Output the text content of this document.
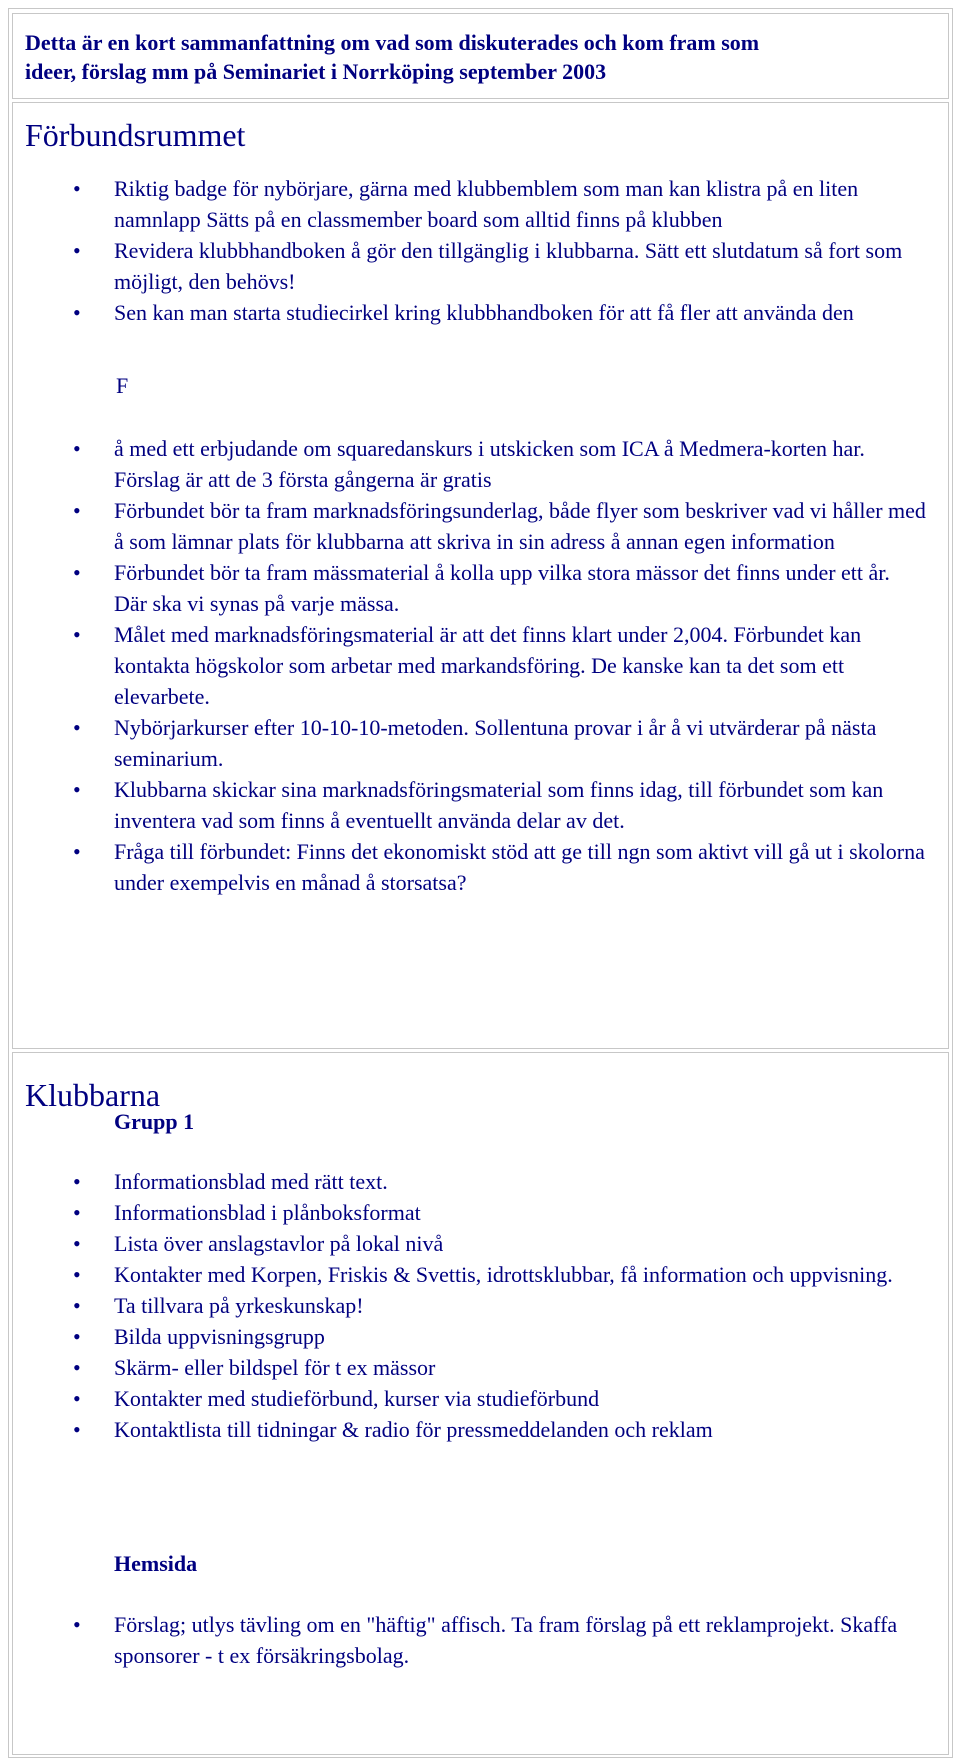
Detta är en kort sammanfattning om vad som diskuterades och kom fram som
ideer, förslag mm på Seminariet i Norrköping september 2003
Förbundsrummet
• Riktig badge för nybörjare, gärna med klubbemblem som man kan klistra på en liten namnlapp Sätts på en classmember board som alltid finns på klubben
• Revidera klubbhandboken å gör den tillgänglig i klubbarna. Sätt ett slutdatum så fort som möjligt, den behövs!
• Sen kan man starta studiecirkel kring klubbhandboken för att få fler att använda den
F
• å med ett erbjudande om squaredanskurs i utskicken som ICA å Medmera-korten har. Förslag är att de 3 första gångerna är gratis
• Förbundet bör ta fram marknadsföringsunderlag, både flyer som beskriver vad vi håller med å som lämnar plats för klubbarna att skriva in sin adress å annan egen information
• Förbundet bör ta fram mässmaterial å kolla upp vilka stora mässor det finns under ett år. Där ska vi synas på varje mässa.
• Målet med marknadsföringsmaterial är att det finns klart under 2,004. Förbundet kan kontakta högskolor som arbetar med markandsföring. De kanske kan ta det som ett elevarbete.
• Nybörjarkurser efter 10-10-10-metoden. Sollentuna provar i år å vi utvärderar på nästa seminarium.
• Klubbarna skickar sina marknadsföringsmaterial som finns idag, till förbundet som kan inventera vad som finns å eventuellt använda delar av det.
• Fråga till förbundet: Finns det ekonomiskt stöd att ge till ngn som aktivt vill gå ut i skolorna under exempelvis en månad å storsatsa?
Klubbarna
Grupp 1
• Informationsblad med rätt text.
• Informationsblad i plånboksformat
• Lista över anslagstavlor på lokal nivå
• Kontakter med Korpen, Friskis & Svettis, idrottsklubbar, få information och uppvisning.
• Ta tillvara på yrkeskunskap!
• Bilda uppvisningsgrupp
• Skärm- eller bildspel för t ex mässor
• Kontakter med studieförbund, kurser via studieförbund
• Kontaktlista till tidningar & radio för pressmeddelanden och reklam
Hemsida
• Förslag; utlys tävling om en "häftig" affisch. Ta fram förslag på ett reklamprojekt. Skaffa sponsorer - t ex försäkringsbolag.
